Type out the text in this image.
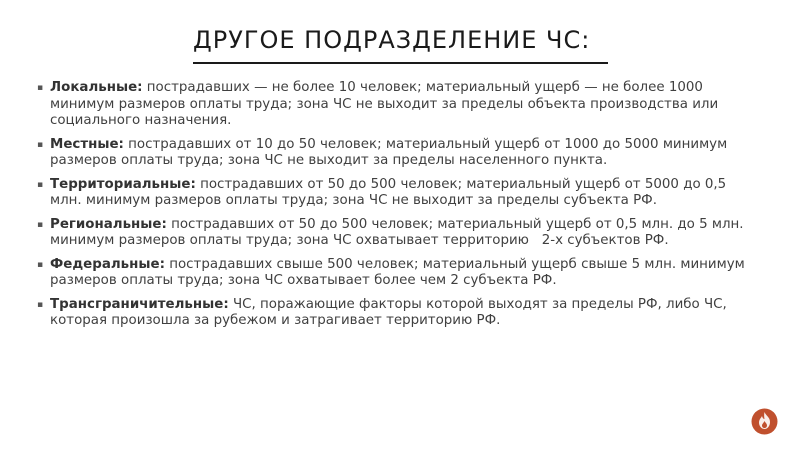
ДРУГОЕ ПОДРАЗДЕЛЕНИЕ ЧС:
▪ Локальные: пострадавших — не более 10 человек; материальный ущерб — не более 1000 минимум размеров оплаты труда; зона ЧС не выходит за пределы объекта производства или социального назначения.
▪ Местные: пострадавших от 10 до 50 человек; материальный ущерб от 1000 до 5000 минимум размеров оплаты труда; зона ЧС не выходит за пределы населенного пункта.
▪ Территориальные: пострадавших от 50 до 500 человек; материальный ущерб от 5000 до 0,5 млн. минимум размеров оплаты труда; зона ЧС не выходит за пределы субъекта РФ.
▪ Региональные: пострадавших от 50 до 500 человек; материальный ущерб от 0,5 млн. до 5 млн. минимум размеров оплаты труда; зона ЧС охватывает территорию   2-х субъектов РФ.
▪ Федеральные: пострадавших свыше 500 человек; материальный ущерб свыше 5 млн. минимум размеров оплаты труда; зона ЧС охватывает более чем 2 субъекта РФ.
▪ Трансграничительные: ЧС, поражающие факторы которой выходят за пределы РФ, либо ЧС, которая произошла за рубежом и затрагивает территорию РФ.
